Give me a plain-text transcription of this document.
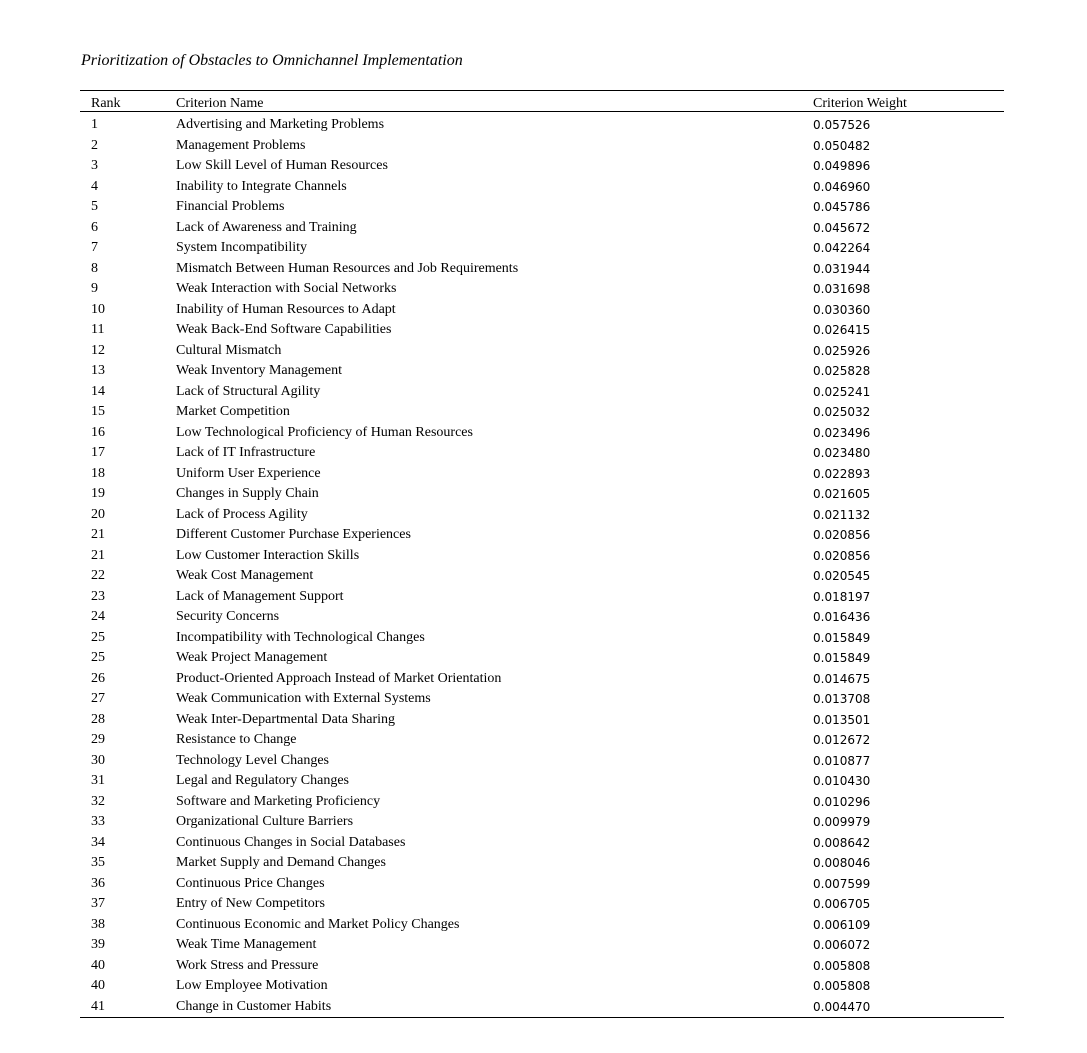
Prioritization of Obstacles to Omnichannel Implementation
Rank	Criterion Name	Criterion Weight
1	Advertising and Marketing Problems	0.057526
2	Management Problems	0.050482
3	Low Skill Level of Human Resources	0.049896
4	Inability to Integrate Channels	0.046960
5	Financial Problems	0.045786
6	Lack of Awareness and Training	0.045672
7	System Incompatibility	0.042264
8	Mismatch Between Human Resources and Job Requirements	0.031944
9	Weak Interaction with Social Networks	0.031698
10	Inability of Human Resources to Adapt	0.030360
11	Weak Back-End Software Capabilities	0.026415
12	Cultural Mismatch	0.025926
13	Weak Inventory Management	0.025828
14	Lack of Structural Agility	0.025241
15	Market Competition	0.025032
16	Low Technological Proficiency of Human Resources	0.023496
17	Lack of IT Infrastructure	0.023480
18	Uniform User Experience	0.022893
19	Changes in Supply Chain	0.021605
20	Lack of Process Agility	0.021132
21	Different Customer Purchase Experiences	0.020856
21	Low Customer Interaction Skills	0.020856
22	Weak Cost Management	0.020545
23	Lack of Management Support	0.018197
24	Security Concerns	0.016436
25	Incompatibility with Technological Changes	0.015849
25	Weak Project Management	0.015849
26	Product-Oriented Approach Instead of Market Orientation	0.014675
27	Weak Communication with External Systems	0.013708
28	Weak Inter-Departmental Data Sharing	0.013501
29	Resistance to Change	0.012672
30	Technology Level Changes	0.010877
31	Legal and Regulatory Changes	0.010430
32	Software and Marketing Proficiency	0.010296
33	Organizational Culture Barriers	0.009979
34	Continuous Changes in Social Databases	0.008642
35	Market Supply and Demand Changes	0.008046
36	Continuous Price Changes	0.007599
37	Entry of New Competitors	0.006705
38	Continuous Economic and Market Policy Changes	0.006109
39	Weak Time Management	0.006072
40	Work Stress and Pressure	0.005808
40	Low Employee Motivation	0.005808
41	Change in Customer Habits	0.004470
